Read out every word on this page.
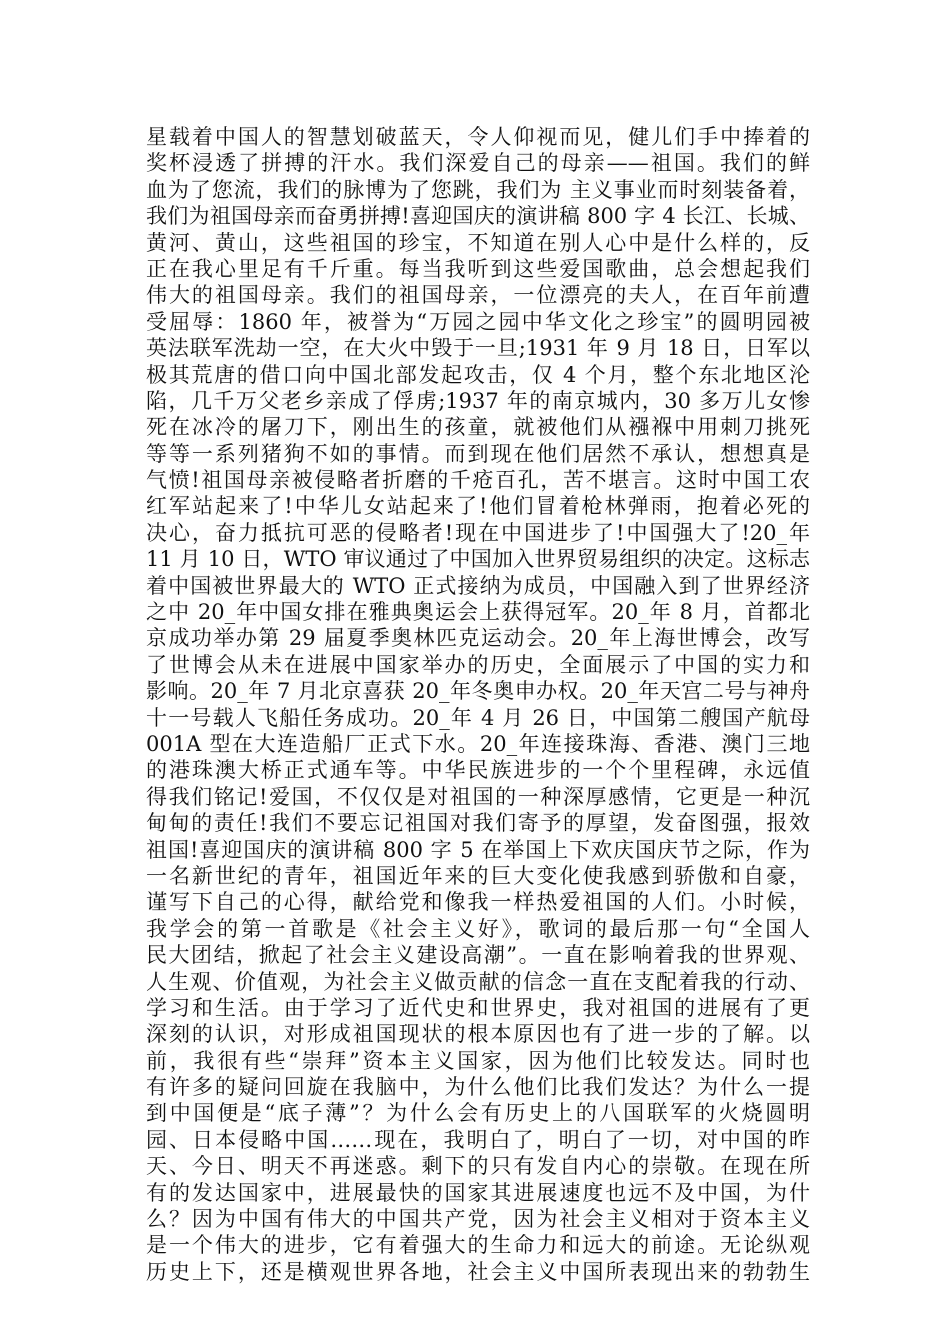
星载着中国人的智慧划破蓝天，令人仰视而见，健儿们手中捧着的
奖杯浸透了拼搏的汗水。我们深爱自己的母亲——祖国。我们的鲜
血为了您流，我们的脉博为了您跳，我们为 主义事业而时刻装备着，
我们为祖国母亲而奋勇拼搏!喜迎国庆的演讲稿 800 字 4 长江、长城、
黄河、黄山，这些祖国的珍宝，不知道在别人心中是什么样的，反
正在我心里足有千斤重。每当我听到这些爱国歌曲，总会想起我们
伟大的祖国母亲。我们的祖国母亲，一位漂亮的夫人，在百年前遭
受屈辱：1860 年，被誉为“万园之园中华文化之珍宝”的圆明园被
英法联军洗劫一空，在大火中毁于一旦;1931 年 9 月 18 日，日军以
极其荒唐的借口向中国北部发起攻击，仅 4 个月，整个东北地区沦
陷，几千万父老乡亲成了俘虏;1937 年的南京城内，30 多万儿女惨
死在冰冷的屠刀下，刚出生的孩童，就被他们从襁褓中用刺刀挑死
等等一系列猪狗不如的事情。而到现在他们居然不承认，想想真是
气愤!祖国母亲被侵略者折磨的千疮百孔，苦不堪言。这时中国工农
红军站起来了!中华儿女站起来了!他们冒着枪林弹雨，抱着必死的
决心，奋力抵抗可恶的侵略者!现在中国进步了!中国强大了!20_年
11 月 10 日，WTO 审议通过了中国加入世界贸易组织的决定。这标志
着中国被世界最大的 WTO 正式接纳为成员，中国融入到了世界经济
之中 20_年中国女排在雅典奥运会上获得冠军。20_年 8 月，首都北
京成功举办第 29 届夏季奥林匹克运动会。20_年上海世博会，改写
了世博会从未在进展中国家举办的历史，全面展示了中国的实力和
影响。20_年 7 月北京喜获 20_年冬奥申办权。20_年天宫二号与神舟
十一号载人飞船任务成功。20_年 4 月 26 日，中国第二艘国产航母
001A 型在大连造船厂正式下水。20_年连接珠海、香港、澳门三地
的港珠澳大桥正式通车等。中华民族进步的一个个里程碑，永远值
得我们铭记!爱国，不仅仅是对祖国的一种深厚感情，它更是一种沉
甸甸的责任!我们不要忘记祖国对我们寄予的厚望，发奋图强，报效
祖国!喜迎国庆的演讲稿 800 字 5 在举国上下欢庆国庆节之际，作为
一名新世纪的青年，祖国近年来的巨大变化使我感到骄傲和自豪，
谨写下自己的心得，献给党和像我一样热爱祖国的人们。小时候，
我学会的第一首歌是《社会主义好》，歌词的最后那一句“全国人
民大团结，掀起了社会主义建设高潮”。一直在影响着我的世界观、
人生观、价值观，为社会主义做贡献的信念一直在支配着我的行动、
学习和生活。由于学习了近代史和世界史，我对祖国的进展有了更
深刻的认识，对形成祖国现状的根本原因也有了进一步的了解。以
前，我很有些“崇拜”资本主义国家，因为他们比较发达。同时也
有许多的疑问回旋在我脑中，为什么他们比我们发达？为什么一提
到中国便是“底子薄”？为什么会有历史上的八国联军的火烧圆明
园、日本侵略中国……现在，我明白了，明白了一切，对中国的昨
天、今日、明天不再迷惑。剩下的只有发自内心的崇敬。在现在所
有的发达国家中，进展最快的国家其进展速度也远不及中国，为什
么？因为中国有伟大的中国共产党，因为社会主义相对于资本主义
是一个伟大的进步，它有着强大的生命力和远大的前途。无论纵观
历史上下，还是横观世界各地，社会主义中国所表现出来的勃勃生
